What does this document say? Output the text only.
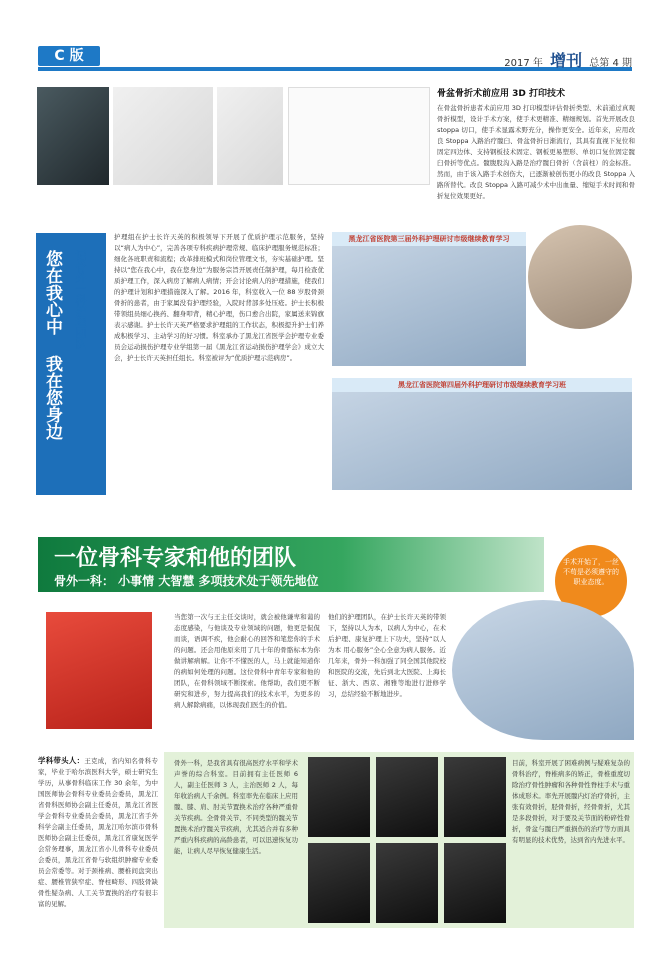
C 版	2017 年 增刊 总第 4 期
骨盆骨折术前应用 3D 打印技术
在骨盆骨折患者术前应用 3D 打印模型评估骨折类型、术前通过真观骨折模型，设计手术方案，使手术更精准、精细规划。首先开展改良 stoppa 切口，使手术显露术野充分，操作更安全。近年来，应用改良 Stoppa 入路治疗髋臼、骨盆骨折日渐流行，其具有直视下复位和固定四边体、支持钢板技术固定、钢板更易塑形、单切口复位固定髋臼骨折等优点。髋腹股沟入路是治疗髋臼骨折（含前柱）的金标准。然而，由于该入路手术创伤大，已逐渐被创伤更小的改良 Stoppa 入路所替代。改良 Stoppa 入路可减少术中出血量、缩短手术时间和骨折复位效果更好。
记骨外一科护理团队
您在我心中
我在您身边
护理组在护士长许天英的积极领导下开展了优质护理示范服务，坚持以“病人为中心”，完善各项专科疾病护理常规、临床护理服务规范标准；细化各班职责和流程；改革排班模式和岗位管理文书，夯实基础护理。坚持以“您在我心中，我在您身边”为服务宗旨开展责任制护理，每月检查优质护理工作，深入病房了解病人病情；开会讨论病人的护理措施，使我们的护理计划和护理措施深入了解。2016 年，科室收入一位 88 岁股骨颈骨折的患者，由于家属没有护理经验，入院时背部多处压疮。护士长积极带领组员细心换药、翻身叩背，精心护理，伤口愈合出院，家属送来锦旗表示感谢。护士长许天英严格要求护理组的工作状态，积极提升护士们养成积极学习、主动学习的好习惯。科室承办了黑龙江省医学会护理专业委员会运动损伤护理专业学组第一届《黑龙江省运动损伤护理学会》成立大会，护士长许天英担任组长。科室被评为“优质护理示范病房”。
黑龙江省医院第三届外科护理研讨市级继续教育学习
黑龙江省医院第四届外科护理研讨市级继续教育学习班
一位骨科专家和他的团队
骨外一科： 小事情 大智慧 多项技术处于领先地位
手术开始了，一丝不苟是必须遵守的职业态度。
当您第一次与王主任交谈时，就会被他谦卑和蔼的态度感染，与他谈及专业领域的问题，他更是侃侃而谈，语调不疾，他会耐心的回答和笔您你的手术的问题。还会用他原来用了几十年的骨骼标本为你做讲解病解。让你不不懂医的人，马上就能知道你的病如何处理的问题。这位骨科中青年专家和他的团队，在骨科领域不断探索。他帮助，我们更不断研究和进步，努力提高我们的技术水平，为更多的病人解除病痛，以体现我们医生的价值。
他们的护理团队，在护士长许天英的带领下，坚持以人为本，以病人为中心，在术后护理、康复护理上下功夫，坚持“以人为本 用心服务”全心全意为病人服务。近几年来，骨外一科加强了同全国其他院校和医院的交流，先后到北大医院、上海长征、浙大、西京、湘雅等地进行进修学习，总结经验不断地进步。
学科带头人：王克成，省内知名骨科专家，毕业于哈尔滨医科大学，硕士研究生学历，从事骨科临床工作 30 余年，为中国医师协会骨科专业委员会委员，黑龙江省骨科医师协会副主任委员，黑龙江省医学会骨科专业委员会委员，黑龙江省手外科学会副主任委员，黑龙江哈尔滨市骨科医师协会副主任委员，黑龙江省康复医学会常务理事，黑龙江省小儿骨科专业委员会委员，黑龙江省骨与软组织肿瘤专业委员会常委等。对于颈椎病、腰椎间盘突出症、腰椎管狭窄症、脊柱畸形、四肢骨缺骨性疑杂病、人工关节置换的治疗有很丰富的见解。
骨外一科，是我省具有很高医疗水平和学术声誉的综合科室。目前拥有主任医师 6 人，副主任医师 3 人，主治医师 2 人，每年收治病人千余例。科室率先在临床上应用髋、膝、肩、肘关节置换术治疗各种严重骨关节疾病。全骨骨关节、不同类型的髋关节置换术治疗髋关节疾病，尤其适合并有多种严重内科疾病的高龄患者，可以迅速恢复功能，让病人尽早恢复健康生活。
目前，科室开展了困难病例与疑难复杂的骨科治疗，脊椎病多的矫正，骨椎重度切除治疗骨性肿瘤和各种骨性脊柱手术与重体成形术。率先开展髋内灯治疗骨折，主张有效骨折，胫骨骨折，经骨骨折，尤其是多段骨折，对于要及关节面的粉碎性骨折，骨盆与髋臼严重损伤的治疗等方面具有明显的技术优势，达到省内先进水平。
